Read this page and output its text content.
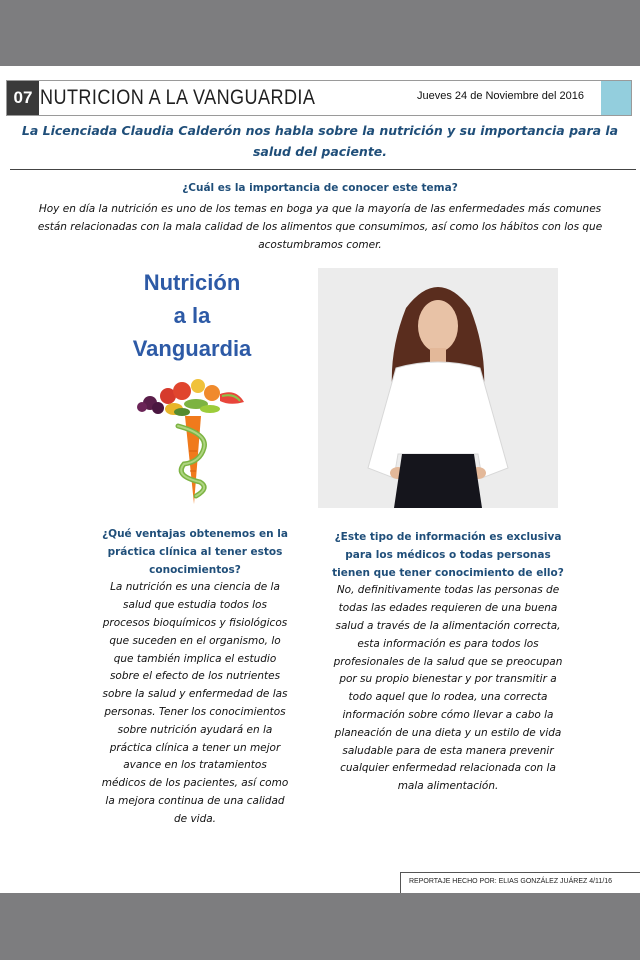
07 NUTRICION A LA VANGUARDIA	Jueves 24 de Noviembre del 2016
La Licenciada Claudia Calderón nos habla sobre la nutrición y su importancia para la salud del paciente.
¿Cuál es la importancia de conocer este tema?
Hoy en día la nutrición es uno de los temas en boga ya que la mayoría de las enfermedades más comunes están relacionadas con la mala calidad de los alimentos que consumimos, así como los hábitos con los que acostumbramos comer.
Nutrición
a la
Vanguardia
¿Qué ventajas obtenemos en la práctica clínica al tener estos conocimientos?
La nutrición es una ciencia de la salud que estudia todos los procesos bioquímicos y fisiológicos que suceden en el organismo, lo que también implica el estudio sobre el efecto de los nutrientes sobre la salud y enfermedad de las personas. Tener los conocimientos sobre nutrición ayudará en la práctica clínica a tener un mejor avance en los tratamientos médicos de los pacientes, así como la mejora continua de una calidad de vida.
¿Este tipo de información es exclusiva para los médicos o todas personas tienen que tener conocimiento de ello?
No, definitivamente todas las personas de todas las edades requieren de una buena salud a través de la alimentación correcta, esta información es para todos los profesionales de la salud que se preocupan por su propio bienestar y por transmitir a todo aquel que lo rodea, una correcta información sobre cómo llevar a cabo la planeación de una dieta y un estilo de vida saludable para de esta manera prevenir cualquier enfermedad relacionada con la mala alimentación.
REPORTAJE HECHO POR: ELIAS GONZÁLEZ JUÁREZ 4/11/16
